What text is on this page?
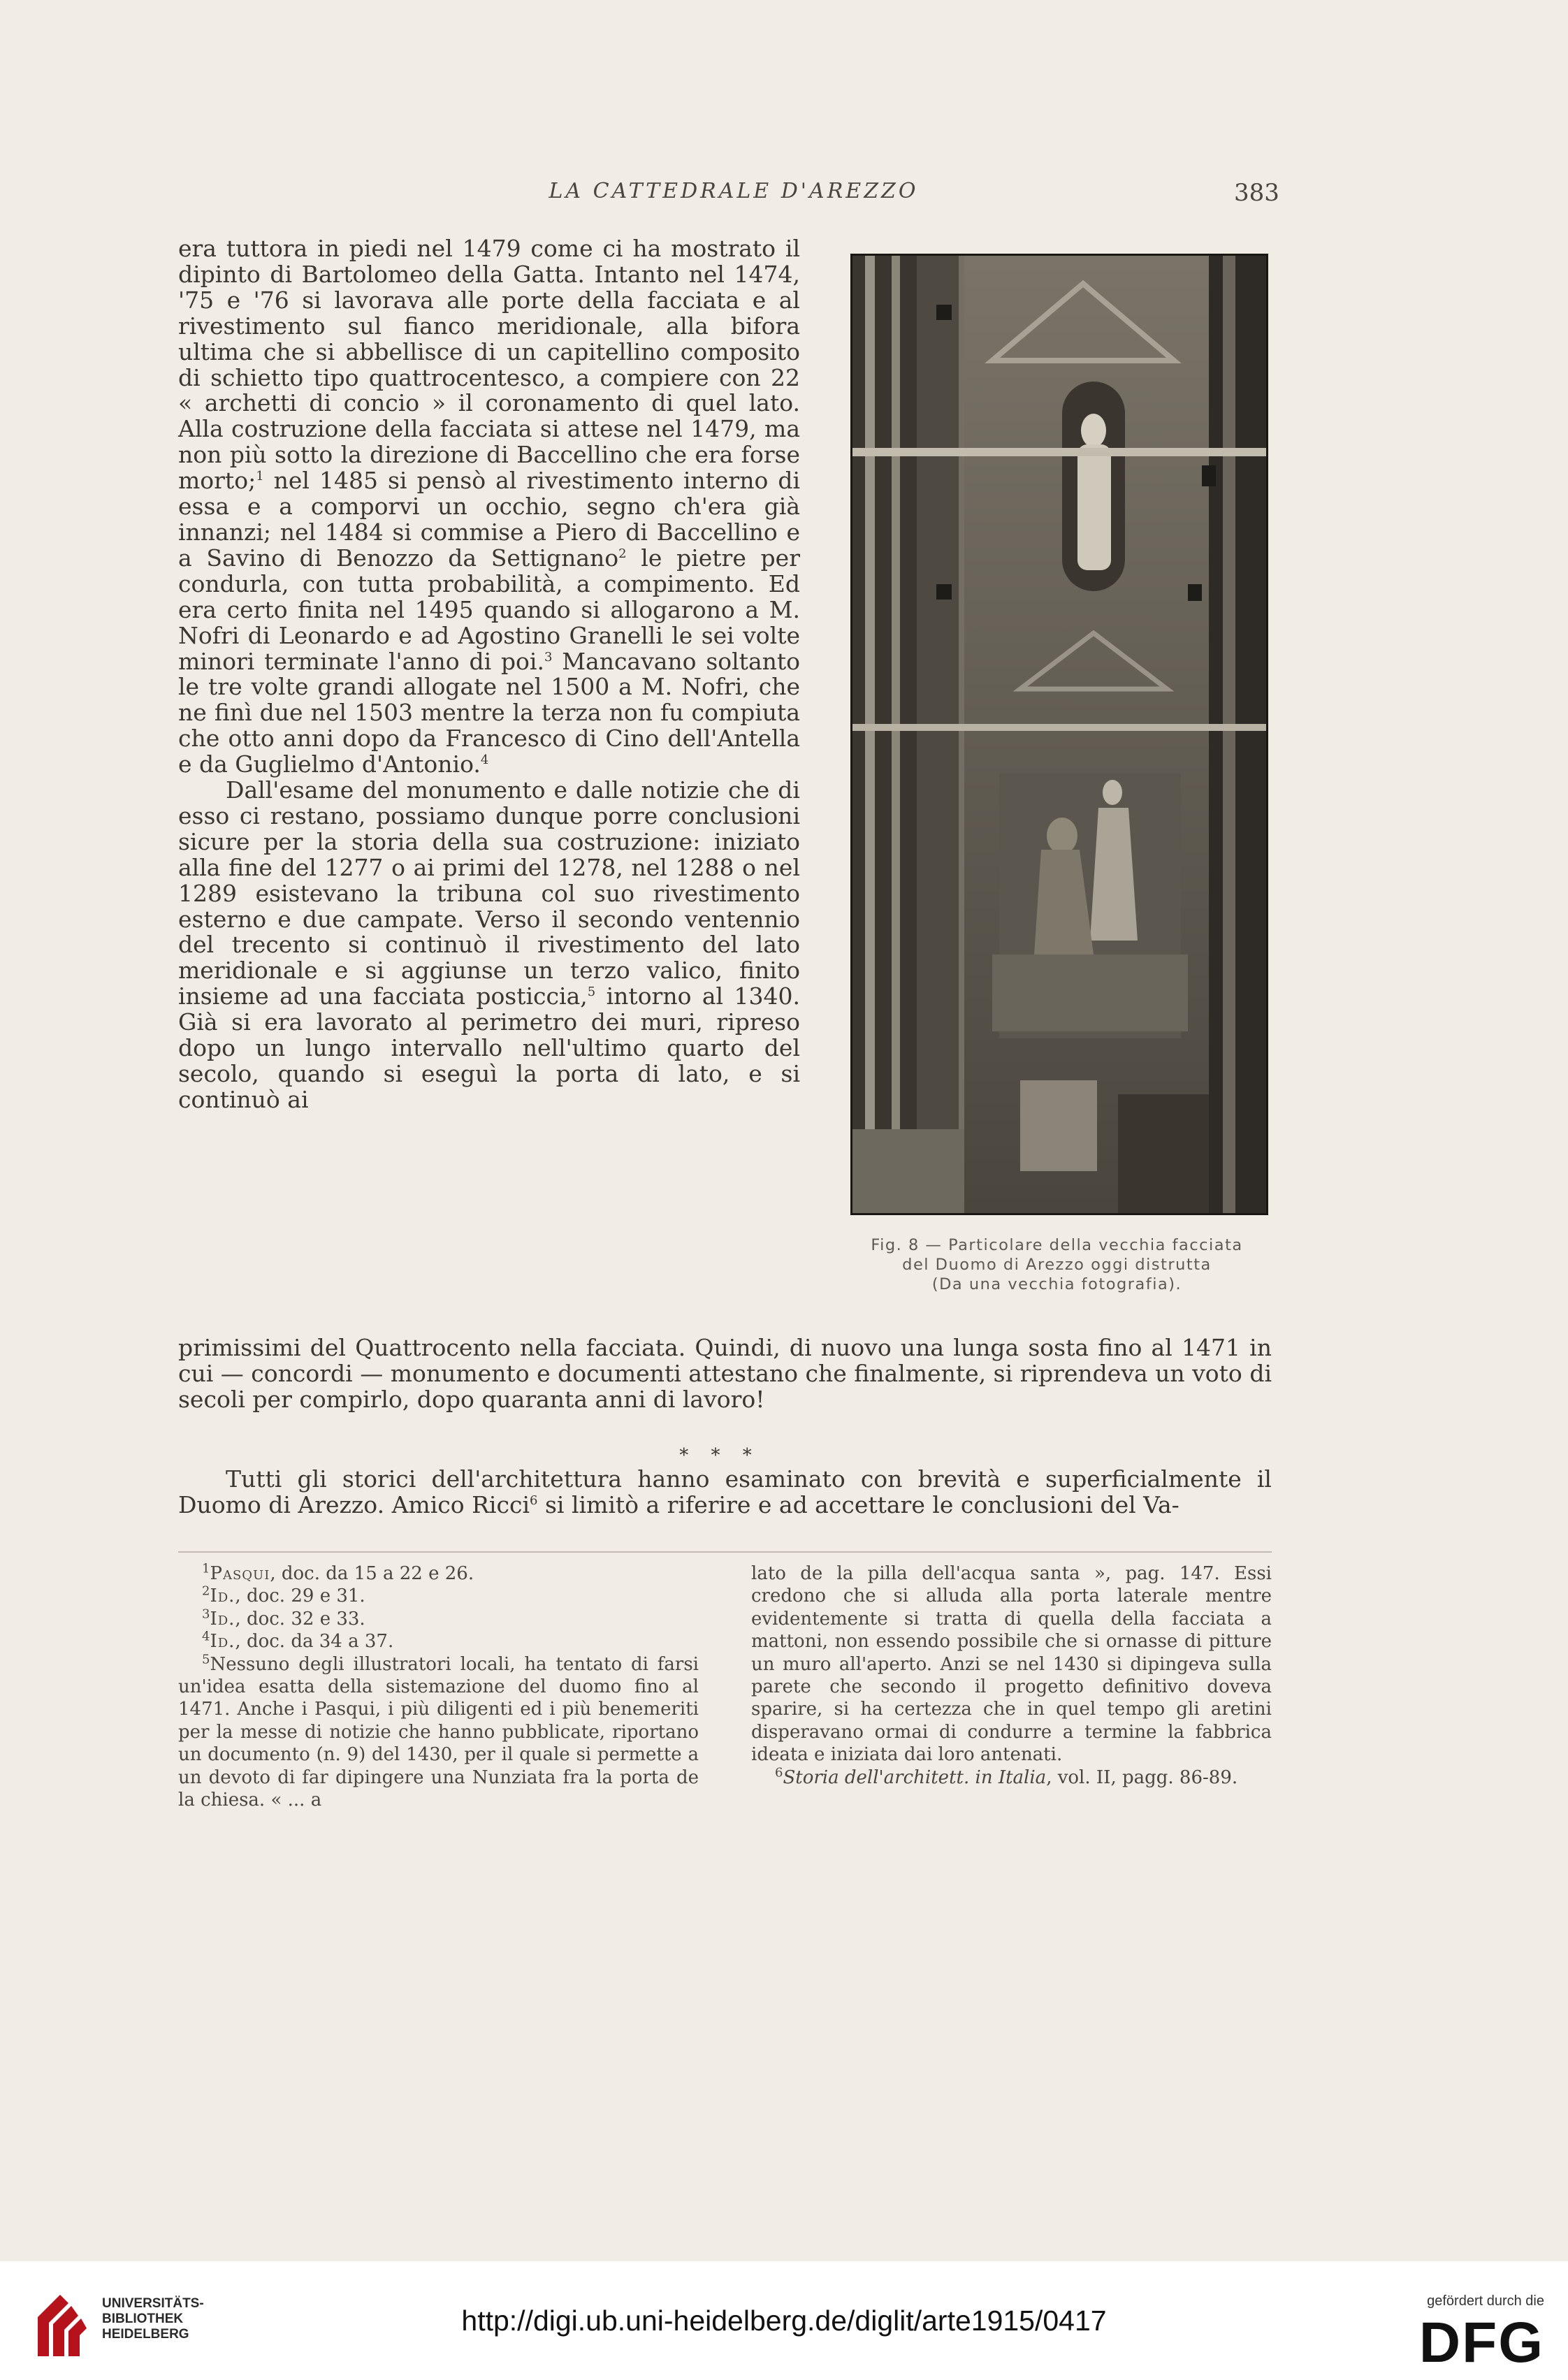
LA CATTEDRALE D'AREZZO	383

era tuttora in piedi nel 1479 come ci ha mostrato il dipinto di Bartolomeo della Gatta. Intanto nel 1474, '75 e '76 si lavorava alle porte della facciata e al rivestimento sul fianco meridionale, alla bifora ultima che si abbellisce di un capitellino composito di schietto tipo quattrocentesco, a compiere con 22 « archetti di concio » il coronamento di quel lato. Alla costruzione della facciata si attese nel 1479, ma non più sotto la direzione di Baccellino che era forse morto;$^1$ nel 1485 si pensò al rivestimento interno di essa e a comporvi un occhio, segno ch'era già innanzi; nel 1484 si commise a Piero di Baccellino e a Savino di Benozzo da Settignano$^2$ le pietre per condurla, con tutta probabilità, a compimento. Ed era certo finita nel 1495 quando si allogarono a M. Nofri di Leonardo e ad Agostino Granelli le sei volte minori terminate l'anno di poi.$^3$ Mancavano soltanto le tre volte grandi allogate nel 1500 a M. Nofri, che ne finì due nel 1503 mentre la terza non fu compiuta che otto anni dopo da Francesco di Cino dell'Antella e da Guglielmo d'Antonio.$^4$

Dall'esame del monumento e dalle notizie che di esso ci restano, possiamo dunque porre conclusioni sicure per la storia della sua costruzione: iniziato alla fine del 1277 o ai primi del 1278, nel 1288 o nel 1289 esistevano la tribuna col suo rivestimento esterno e due campate. Verso il secondo ventennio del trecento si continuò il rivestimento del lato meridionale e si aggiunse un terzo valico, finito insieme ad una facciata posticcia,$^5$ intorno al 1340. Già si era lavorato al perimetro dei muri, ripreso dopo un lungo intervallo nell'ultimo quarto del secolo, quando si eseguì la porta di lato, e si continuò ai

Fig. 8 — Particolare della vecchia facciata
del Duomo di Arezzo oggi distrutta
(Da una vecchia fotografia).

primissimi del Quattrocento nella facciata. Quindi, di nuovo una lunga sosta fino al 1471 in cui — concordi — monumento e documenti attestano che finalmente, si riprendeva un voto di secoli per compirlo, dopo quaranta anni di lavoro!

* * *

Tutti gli storici dell'architettura hanno esaminato con brevità e superficialmente il Duomo di Arezzo. Amico Ricci$^6$ si limitò a riferire e ad accettare le conclusioni del Va-

$^1$Pasqui, doc. da 15 a 22 e 26.

$^2$Id., doc. 29 e 31.

$^3$Id., doc. 32 e 33.

$^4$Id., doc. da 34 a 37.

$^5$Nessuno degli illustratori locali, ha tentato di farsi un'idea esatta della sistemazione del duomo fino al 1471. Anche i Pasqui, i più diligenti ed i più benemeriti per la messe di notizie che hanno pubblicate, riportano un documento (n. 9) del 1430, per il quale si permette a un devoto di far dipingere una Nunziata fra la porta de la chiesa. « ... a

lato de la pilla dell'acqua santa », pag. 147. Essi credono che si alluda alla porta laterale mentre evidentemente si tratta di quella della facciata a mattoni, non essendo possibile che si ornasse di pitture un muro all'aperto. Anzi se nel 1430 si dipingeva sulla parete che secondo il progetto definitivo doveva sparire, si ha certezza che in quel tempo gli aretini disperavano ormai di condurre a termine la fabbrica ideata e iniziata dai loro antenati.

$^6$Storia dell'architett. in Italia, vol. II, pagg. 86-89.

UNIVERSITÄTS-
BIBLIOTHEK
HEIDELBERG	http://digi.ub.uni-heidelberg.de/diglit/arte1915/0417
gefördert durch die
DFG
